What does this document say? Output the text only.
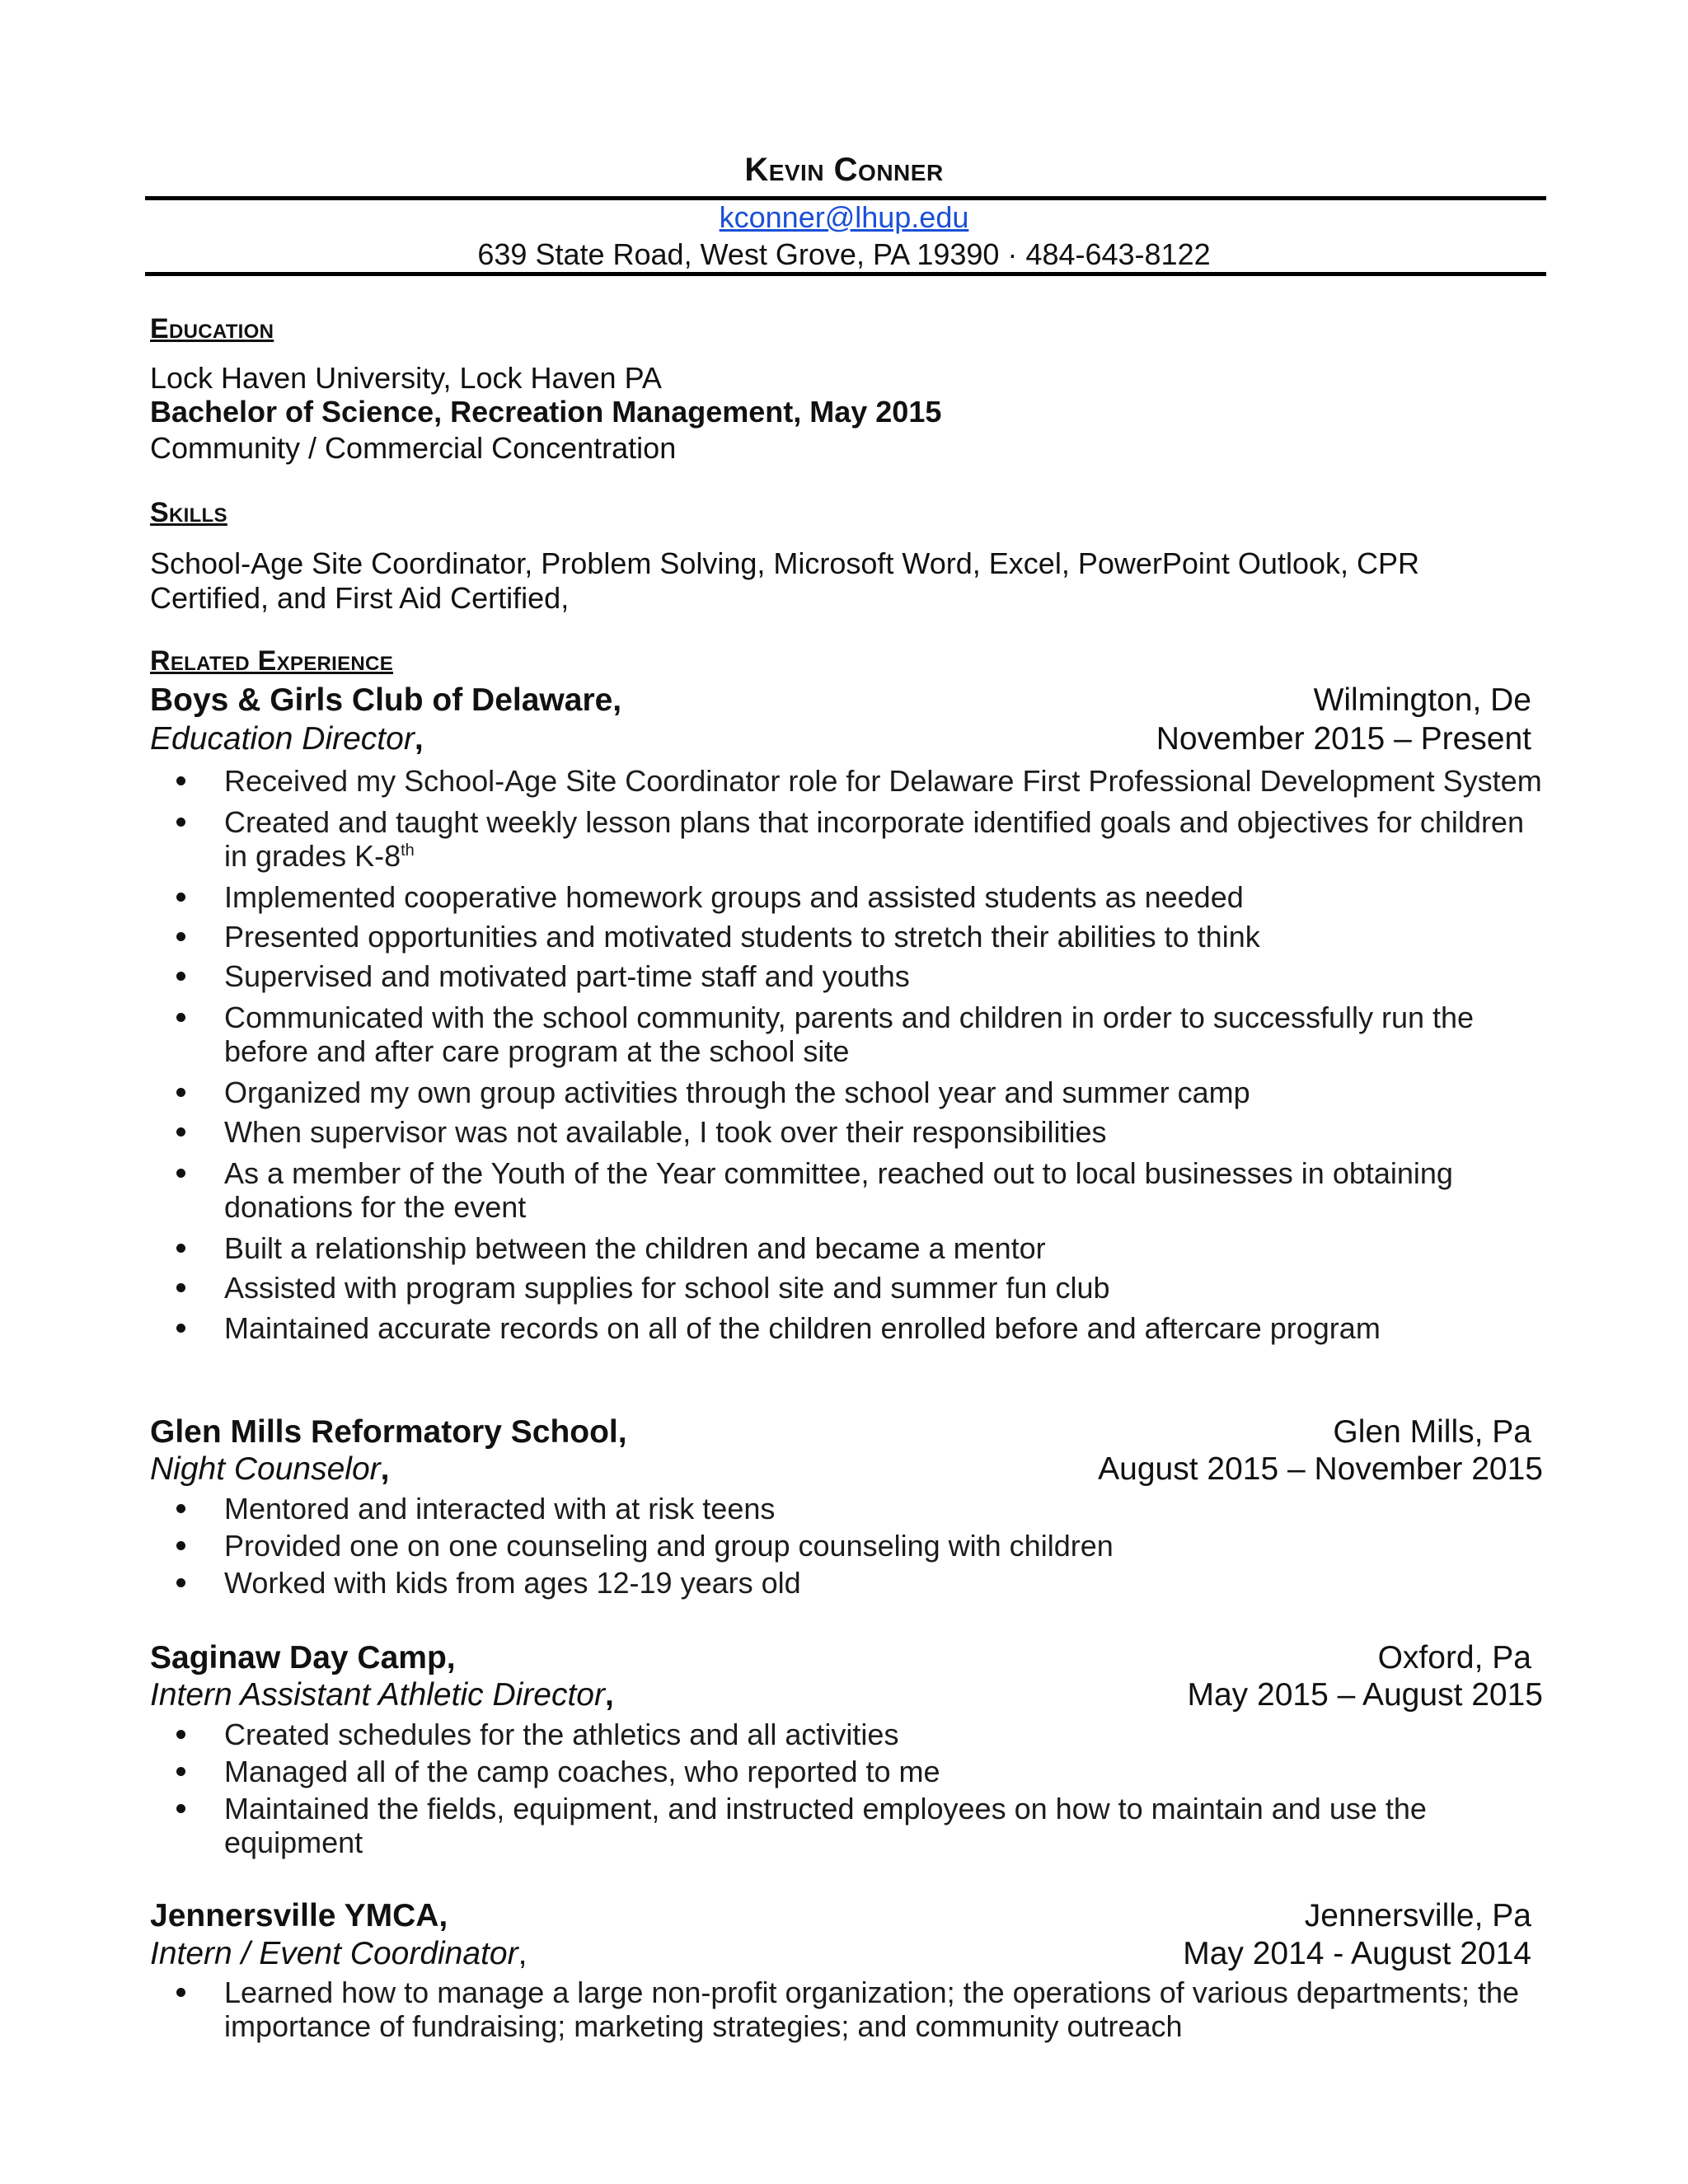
Kevin Conner
kconner@lhup.edu
639 State Road, West Grove, PA 19390 · 484-643-8122
Education
Lock Haven University, Lock Haven PA
Bachelor of Science, Recreation Management, May 2015
Community / Commercial Concentration
Skills
School-Age Site Coordinator, Problem Solving, Microsoft Word, Excel, PowerPoint Outlook, CPR
Certified, and First Aid Certified,
Related Experience
Boys & Girls Club of Delaware,	Wilmington, De
Education Director,	November 2015 – Present
Received my School-Age Site Coordinator role for Delaware First Professional Development System
Created and taught weekly lesson plans that incorporate identified goals and objectives for children in grades K-8th
Implemented cooperative homework groups and assisted students as needed
Presented opportunities and motivated students to stretch their abilities to think
Supervised and motivated part-time staff and youths
Communicated with the school community, parents and children in order to successfully run the before and after care program at the school site
Organized my own group activities through the school year and summer camp
When supervisor was not available, I took over their responsibilities
As a member of the Youth of the Year committee, reached out to local businesses in obtaining donations for the event
Built a relationship between the children and became a mentor
Assisted with program supplies for school site and summer fun club
Maintained accurate records on all of the children enrolled before and aftercare program
Glen Mills Reformatory School,	Glen Mills, Pa
Night Counselor,	August 2015 – November 2015
Mentored and interacted with at risk teens
Provided one on one counseling and group counseling with children
Worked with kids from ages 12-19 years old
Saginaw Day Camp,	Oxford, Pa
Intern Assistant Athletic Director,	May 2015 – August 2015
Created schedules for the athletics and all activities
Managed all of the camp coaches, who reported to me
Maintained the fields, equipment, and instructed employees on how to maintain and use the equipment
Jennersville YMCA,	Jennersville, Pa
Intern / Event Coordinator,	May 2014 - August 2014
Learned how to manage a large non-profit organization; the operations of various departments; the importance of fundraising; marketing strategies; and community outreach
